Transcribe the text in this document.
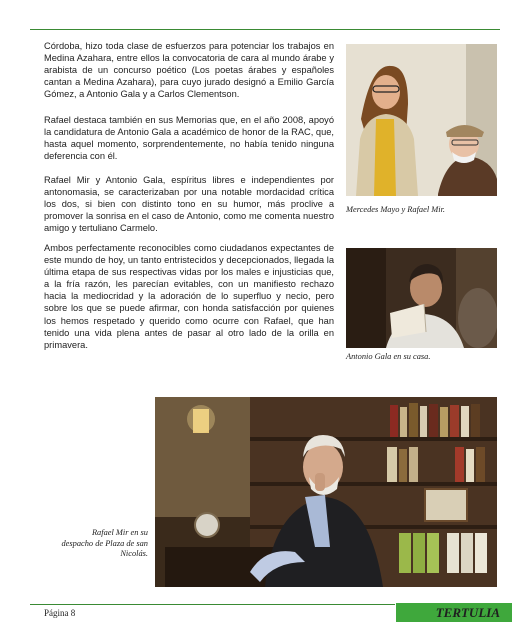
Córdoba, hizo toda clase de esfuerzos para potenciar los trabajos en Medina Azahara, entre ellos la convocatoria de cara al mundo árabe y arabista de un concurso poético (Los poetas árabes y españoles cantan a Medina Azahara), para cuyo jurado designó a Emilio García Gómez, a Antonio Gala y a Carlos Clementson.

Rafael destaca también en sus Memorias que, en el año 2008, apoyó la candidatura de Antonio Gala a académico de honor de la RAC, que, hasta aquel momento, sorprendentemente, no había tenido ninguna deferencia con él.

Rafael Mir y Antonio Gala, espíritus libres e independientes por antonomasia, se caracterizaban por una notable mordacidad crítica los dos, si bien con distinto tono en su humor, más proclive a promover la sonrisa en el caso de Antonio, como me comenta nuestro amigo y tertuliano Carmelo.

Ambos perfectamente reconocibles como ciudadanos expectantes de este mundo de hoy, un tanto entristecidos y decepcionados, llegada la última etapa de sus respectivas vidas por los males e injusticias que, a la fría razón, les parecían evitables, con un manifiesto rechazo hacia la mediocridad y la adoración de lo superfluo y necio, pero sobre los que se puede afirmar, con honda satisfacción por quienes los hemos respetado y querido como ocurre con Rafael, que han tenido una vida plena antes de pasar al otro lado de la orilla en primavera.

Mercedes Mayo y Rafael Mir.
Antonio Gala en su casa.
Rafael Mir en su despacho de Plaza de san Nicolás.
Página 8	TERTULIA
